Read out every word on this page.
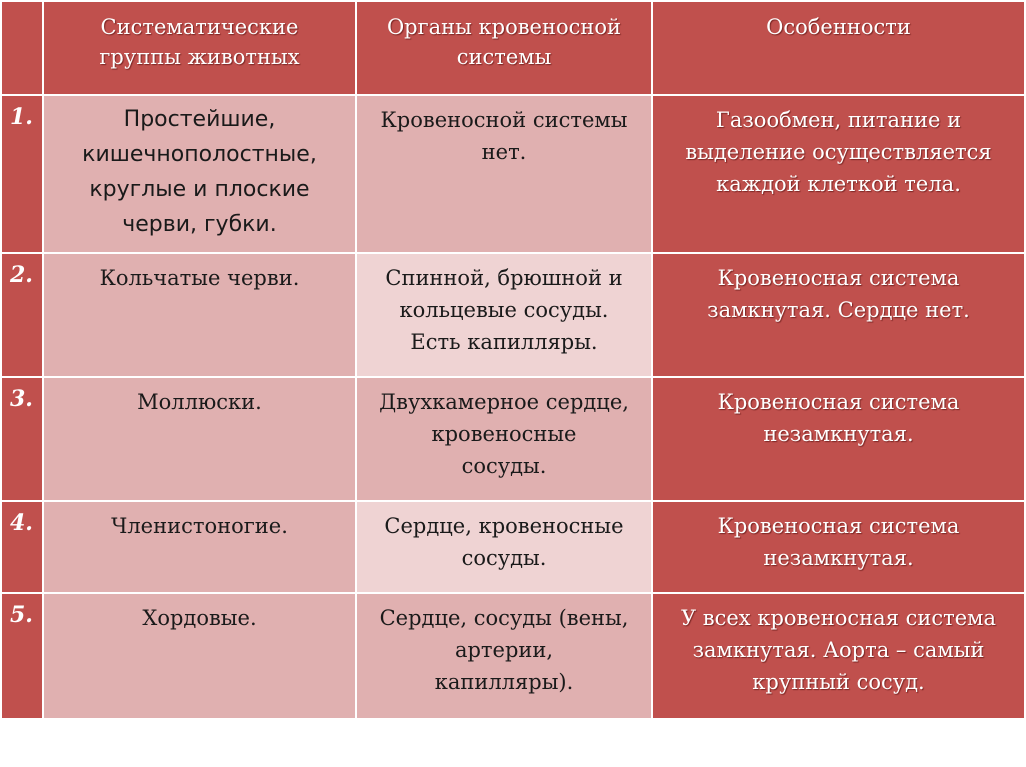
	Систематические
группы животных	Органы кровеносной
системы	Особенности

1.	Простейшие,
кишечнополостные,
круглые и плоские
черви, губки.	Кровеносной системы
нет.	Газообмен, питание и
выделение осуществляется
каждой клеткой тела.

2.	Кольчатые черви.	Спинной, брюшной и
кольцевые сосуды.
Есть капилляры.	Кровеносная система
замкнутая. Сердце нет.

3.	Моллюски.	Двухкамерное сердце,
кровеносные
сосуды.	Кровеносная система
незамкнутая.

4.	Членистоногие.	Сердце, кровеносные
сосуды.	Кровеносная система
незамкнутая.

5.	Хордовые.	Сердце, сосуды (вены,
артерии,
капилляры).	У всех кровеносная система
замкнутая. Аорта – самый
крупный сосуд.
